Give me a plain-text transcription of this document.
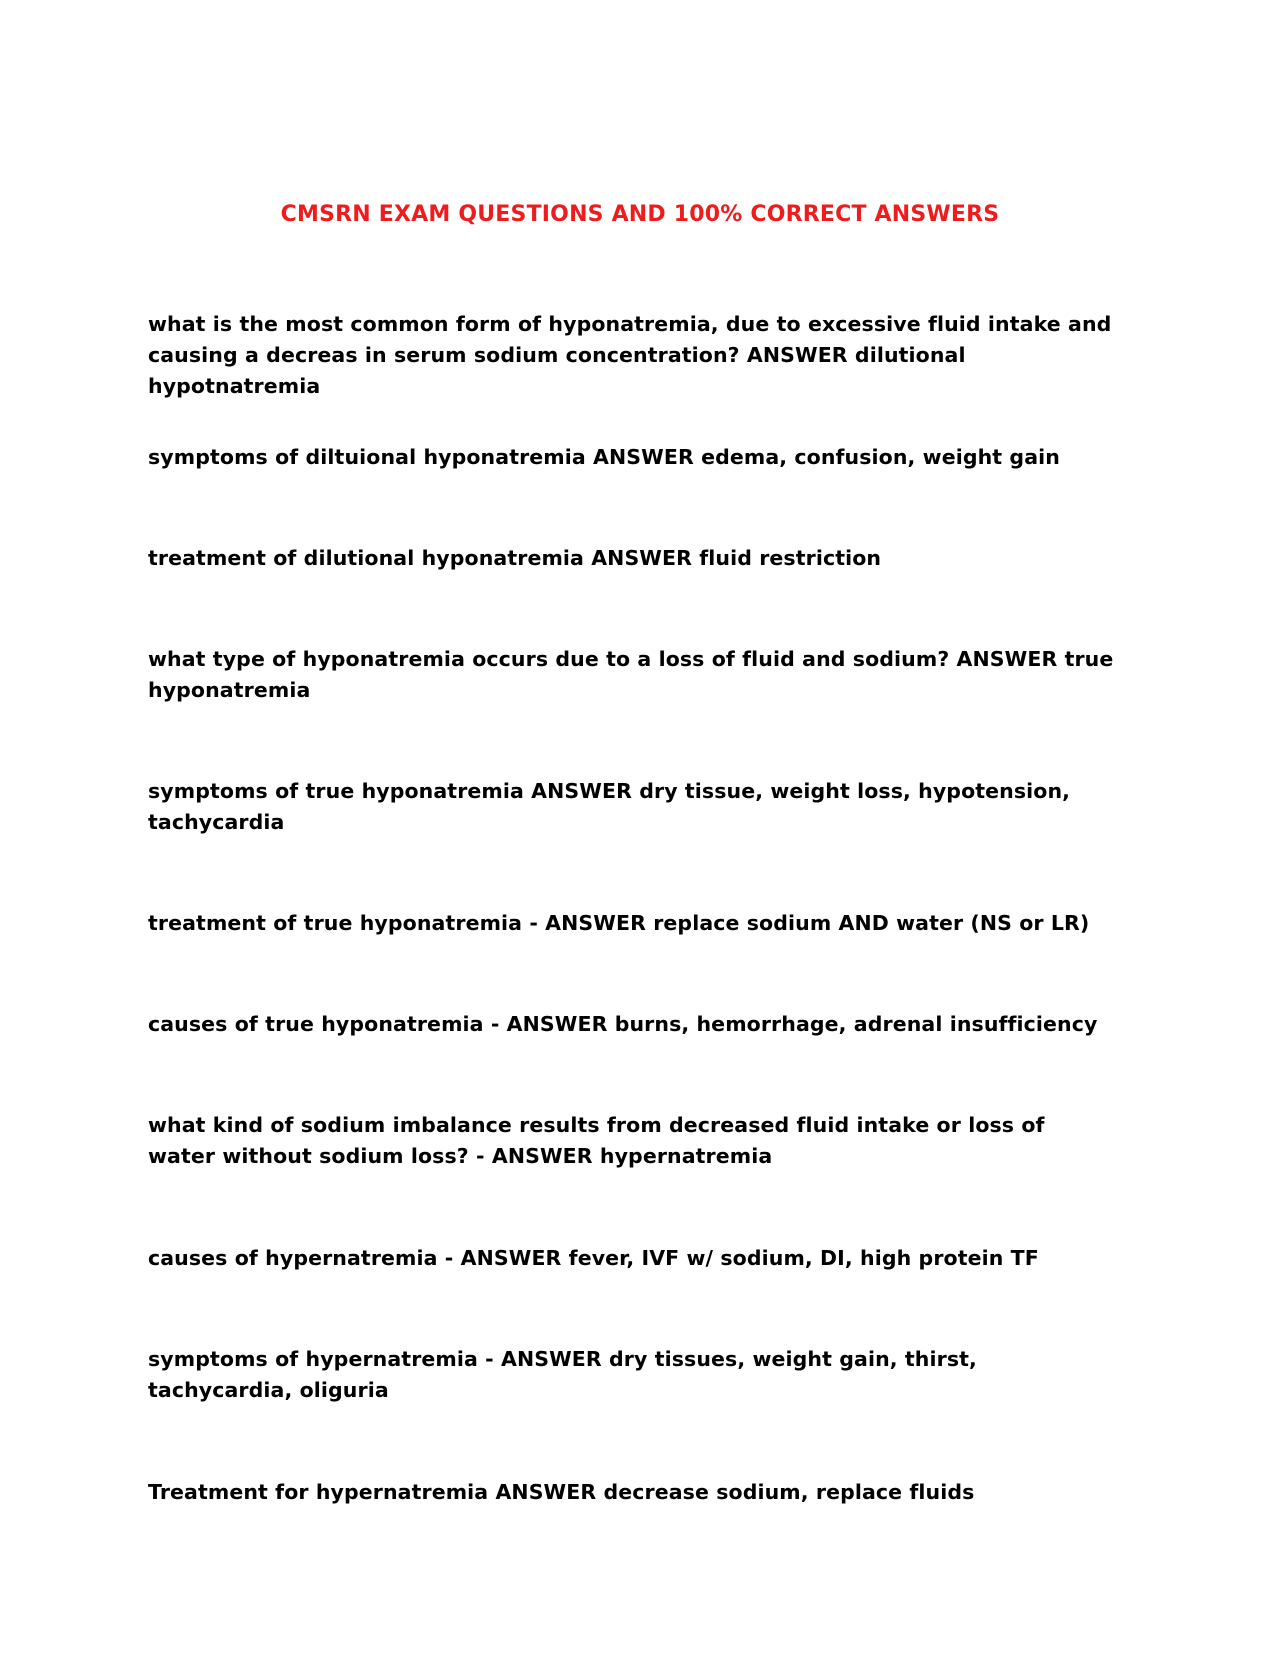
CMSRN EXAM QUESTIONS AND 100% CORRECT ANSWERS

what is the most common form of hyponatremia, due to excessive fluid intake and causing a decreas in serum sodium concentration? ANSWER dilutional hypotnatremia

symptoms of diltuional hyponatremia ANSWER edema, confusion, weight gain

treatment of dilutional hyponatremia ANSWER fluid restriction

what type of hyponatremia occurs due to a loss of fluid and sodium? ANSWER true hyponatremia

symptoms of true hyponatremia ANSWER dry tissue, weight loss, hypotension, tachycardia

treatment of true hyponatremia - ANSWER replace sodium AND water (NS or LR)

causes of true hyponatremia - ANSWER burns, hemorrhage, adrenal insufficiency

what kind of sodium imbalance results from decreased fluid intake or loss of water without sodium loss? - ANSWER hypernatremia

causes of hypernatremia - ANSWER fever, IVF w/ sodium, DI, high protein TF

symptoms of hypernatremia - ANSWER dry tissues, weight gain, thirst, tachycardia, oliguria

Treatment for hypernatremia ANSWER decrease sodium, replace fluids
